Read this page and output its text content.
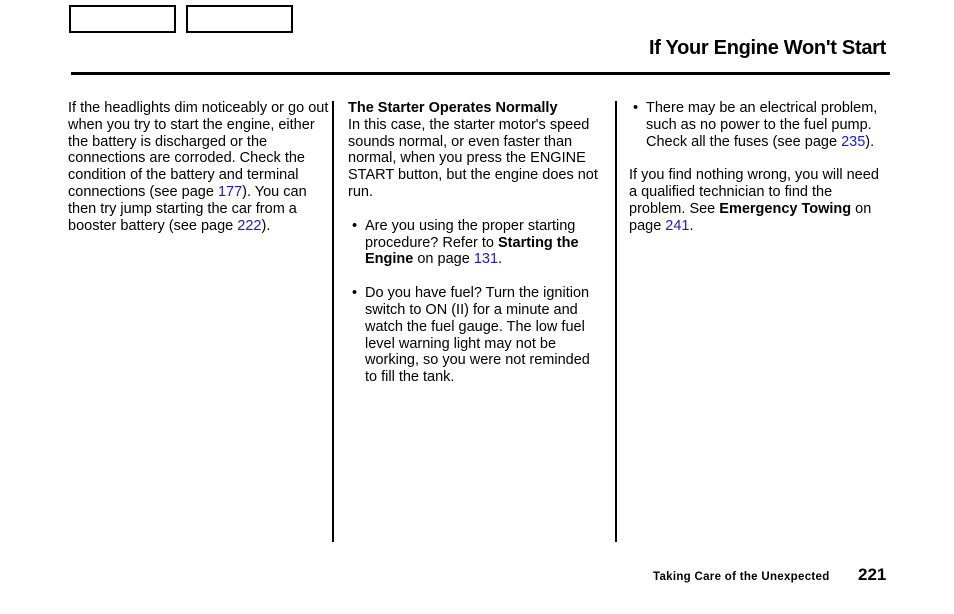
If Your Engine Won't Start

If the headlights dim noticeably or go out when you try to start the engine, either the battery is discharged or the connections are corroded. Check the condition of the battery and terminal connections (see page 177). You can then try jump starting the car from a booster battery (see page 222).

The Starter Operates Normally

In this case, the starter motor's speed sounds normal, or even faster than normal, when you press the ENGINE START button, but the engine does not run.

• Are you using the proper starting procedure? Refer to Starting the Engine on page 131.

• Do you have fuel? Turn the ignition switch to ON (II) for a minute and watch the fuel gauge. The low fuel level warning light may not be working, so you were not reminded to fill the tank.

• There may be an electrical problem, such as no power to the fuel pump. Check all the fuses (see page 235).

If you find nothing wrong, you will need a qualified technician to find the problem. See Emergency Towing on page 241.

Taking Care of the Unexpected 221
